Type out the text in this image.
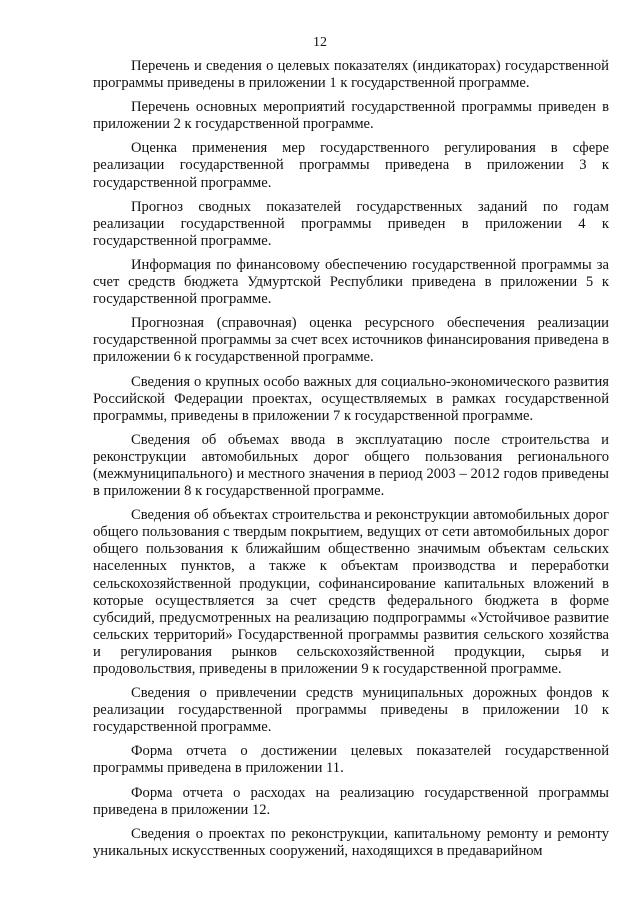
12

Перечень и сведения о целевых показателях (индикаторах) государственной программы приведены в приложении 1 к государственной программе.

Перечень основных мероприятий государственной программы приведен в приложении 2 к государственной программе.

Оценка применения мер государственного регулирования в сфере реализации государственной программы приведена в приложении 3 к государственной программе.

Прогноз сводных показателей государственных заданий по годам реализации государственной программы приведен в приложении 4 к государственной программе.

Информация по финансовому обеспечению государственной программы за счет средств бюджета Удмуртской Республики приведена в приложении 5 к государственной программе.

Прогнозная (справочная) оценка ресурсного обеспечения реализации государственной программы за счет всех источников финансирования приведена в приложении 6 к государственной программе.

Сведения о крупных особо важных для социально-экономического развития Российской Федерации проектах, осуществляемых в рамках государственной программы, приведены в приложении 7 к государственной программе.

Сведения об объемах ввода в эксплуатацию после строительства и реконструкции автомобильных дорог общего пользования регионального (межмуниципального) и местного значения в период 2003 – 2012 годов приведены в приложении 8 к государственной программе.

Сведения об объектах строительства и реконструкции автомобильных дорог общего пользования с твердым покрытием, ведущих от сети автомобильных дорог общего пользования к ближайшим общественно значимым объектам сельских населенных пунктов, а также к объектам производства и переработки сельскохозяйственной продукции, софинансирование капитальных вложений в которые осуществляется за счет средств федерального бюджета в форме субсидий, предусмотренных на реализацию подпрограммы «Устойчивое развитие сельских территорий» Государственной программы развития сельского хозяйства и регулирования рынков сельскохозяйственной продукции, сырья и продовольствия, приведены в приложении 9 к государственной программе.

Сведения о привлечении средств муниципальных дорожных фондов к реализации государственной программы приведены в приложении 10 к государственной программе.

Форма отчета о достижении целевых показателей государственной программы приведена в приложении 11.

Форма отчета о расходах на реализацию государственной программы приведена в приложении 12.

Сведения о проектах по реконструкции, капитальному ремонту и ремонту уникальных искусственных сооружений, находящихся в предаварийном
